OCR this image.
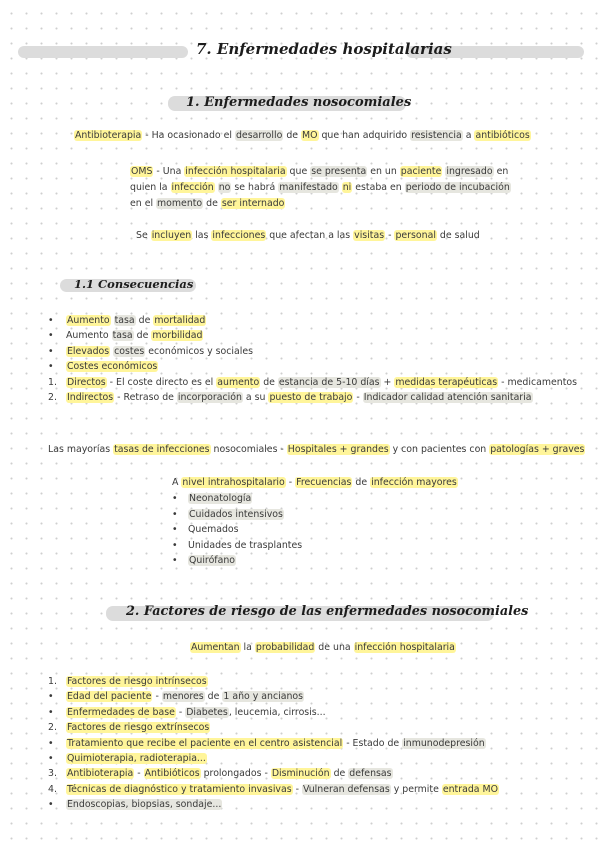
7. Enfermedades hospitalarias
1. Enfermedades nosocomiales
Antibioterapia - Ha ocasionado el desarrollo de MO que han adquirido resistencia a antibióticos
OMS - Una infección hospitalaria que se presenta en un paciente ingresado en
quien la infección no se habrá manifestado ni estaba en periodo de incubación
en el momento de ser internado
Se incluyen las infecciones que afectan a las visitas - personal de salud
1.1 Consecuencias
• Aumento tasa de mortalidad
• Aumento tasa de morbilidad
• Elevados costes económicos y sociales
• Costes económicos
1. Directos - El coste directo es el aumento de estancia de 5-10 días + medidas terapéuticas - medicamentos
2. Indirectos - Retraso de incorporación a su puesto de trabajo - Indicador calidad atención sanitaria
Las mayorías tasas de infecciones nosocomiales - Hospitales + grandes y con pacientes con patologías + graves
A nivel intrahospitalario - Frecuencias de infección mayores
• Neonatología
• Cuidados intensivos
• Quemados
• Unidades de trasplantes
• Quirófano
2. Factores de riesgo de las enfermedades nosocomiales
Aumentan la probabilidad de una infección hospitalaria
1. Factores de riesgo intrínsecos
• Edad del paciente - menores de 1 año y ancianos
• Enfermedades de base - Diabetes, leucemia, cirrosis...
2. Factores de riesgo extrínsecos
• Tratamiento que recibe el paciente en el centro asistencial - Estado de inmunodepresión
• Quimioterapia, radioterapia...
3. Antibioterapia - Antibióticos prolongados - Disminución de defensas
4. Técnicas de diagnóstico y tratamiento invasivas - Vulneran defensas y permite entrada MO
• Endoscopias, biopsias, sondaje...
